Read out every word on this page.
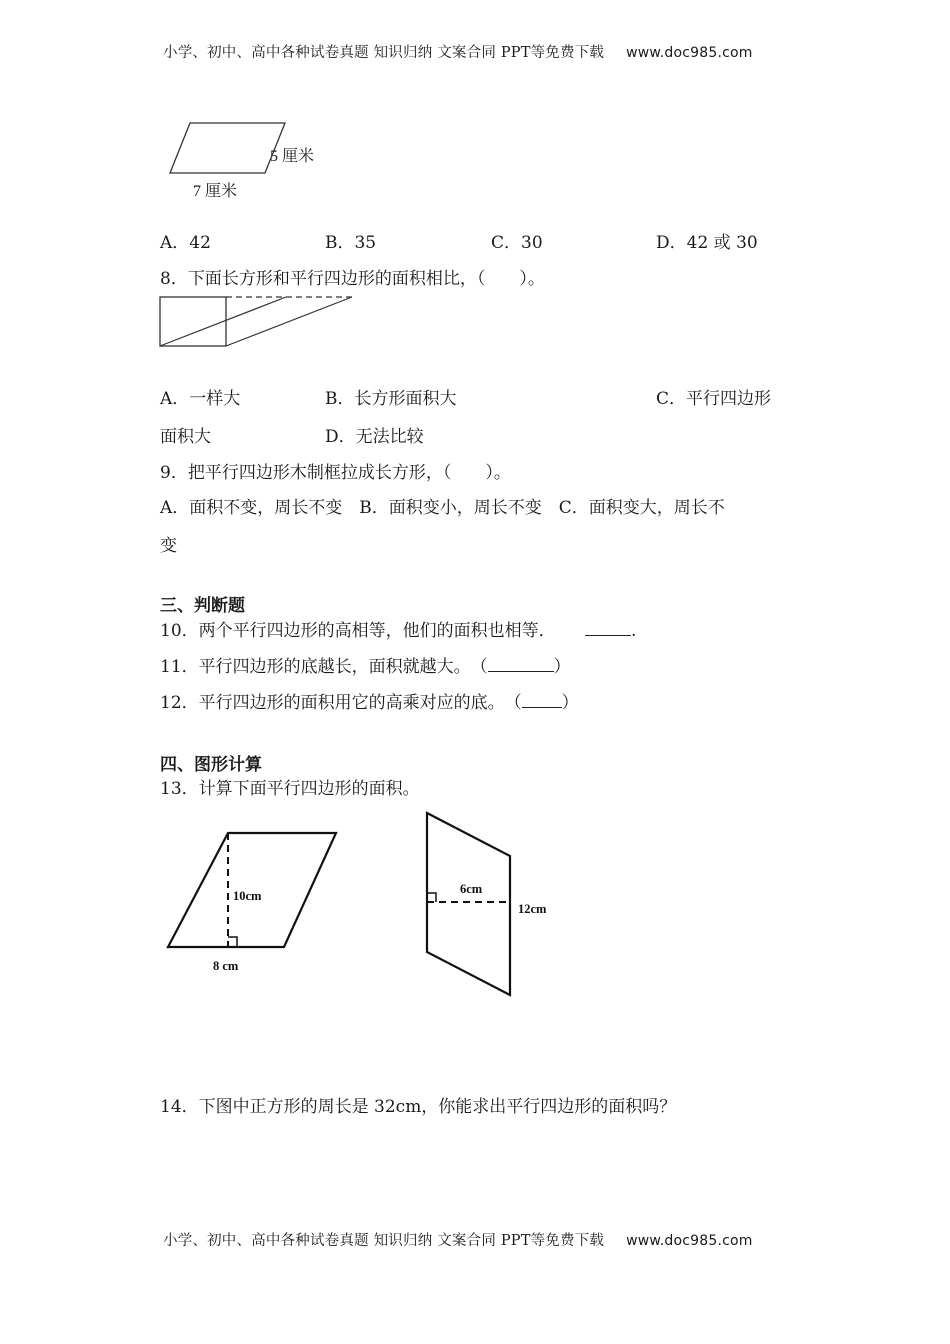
小学、初中、高中各种试卷真题 知识归纳 文案合同 PPT等免费下载 www.doc985.com
5 厘米
7 厘米
A．42	B．35	C．30	D．42 或 30
8．下面长方形和平行四边形的面积相比，（　　）。
A．一样大	B．长方形面积大	C．平行四边形
面积大	D．无法比较
9．把平行四边形木制框拉成长方形，（　　）。
A．面积不变，周长不变　B．面积变小，周长不变　C．面积变大，周长不
变
三、判断题
10．两个平行四边形的高相等，他们的面积也相等．	.
11．平行四边形的底越长，面积就越大。　（	）
12．平行四边形的面积用它的高乘对应的底。　（ ）
四、图形计算
13．计算下面平行四边形的面积。
10cm
8 cm
6cm
12cm
14．下图中正方形的周长是 32cm，你能求出平行四边形的面积吗？
小学、初中、高中各种试卷真题 知识归纳 文案合同 PPT等免费下载 www.doc985.com
